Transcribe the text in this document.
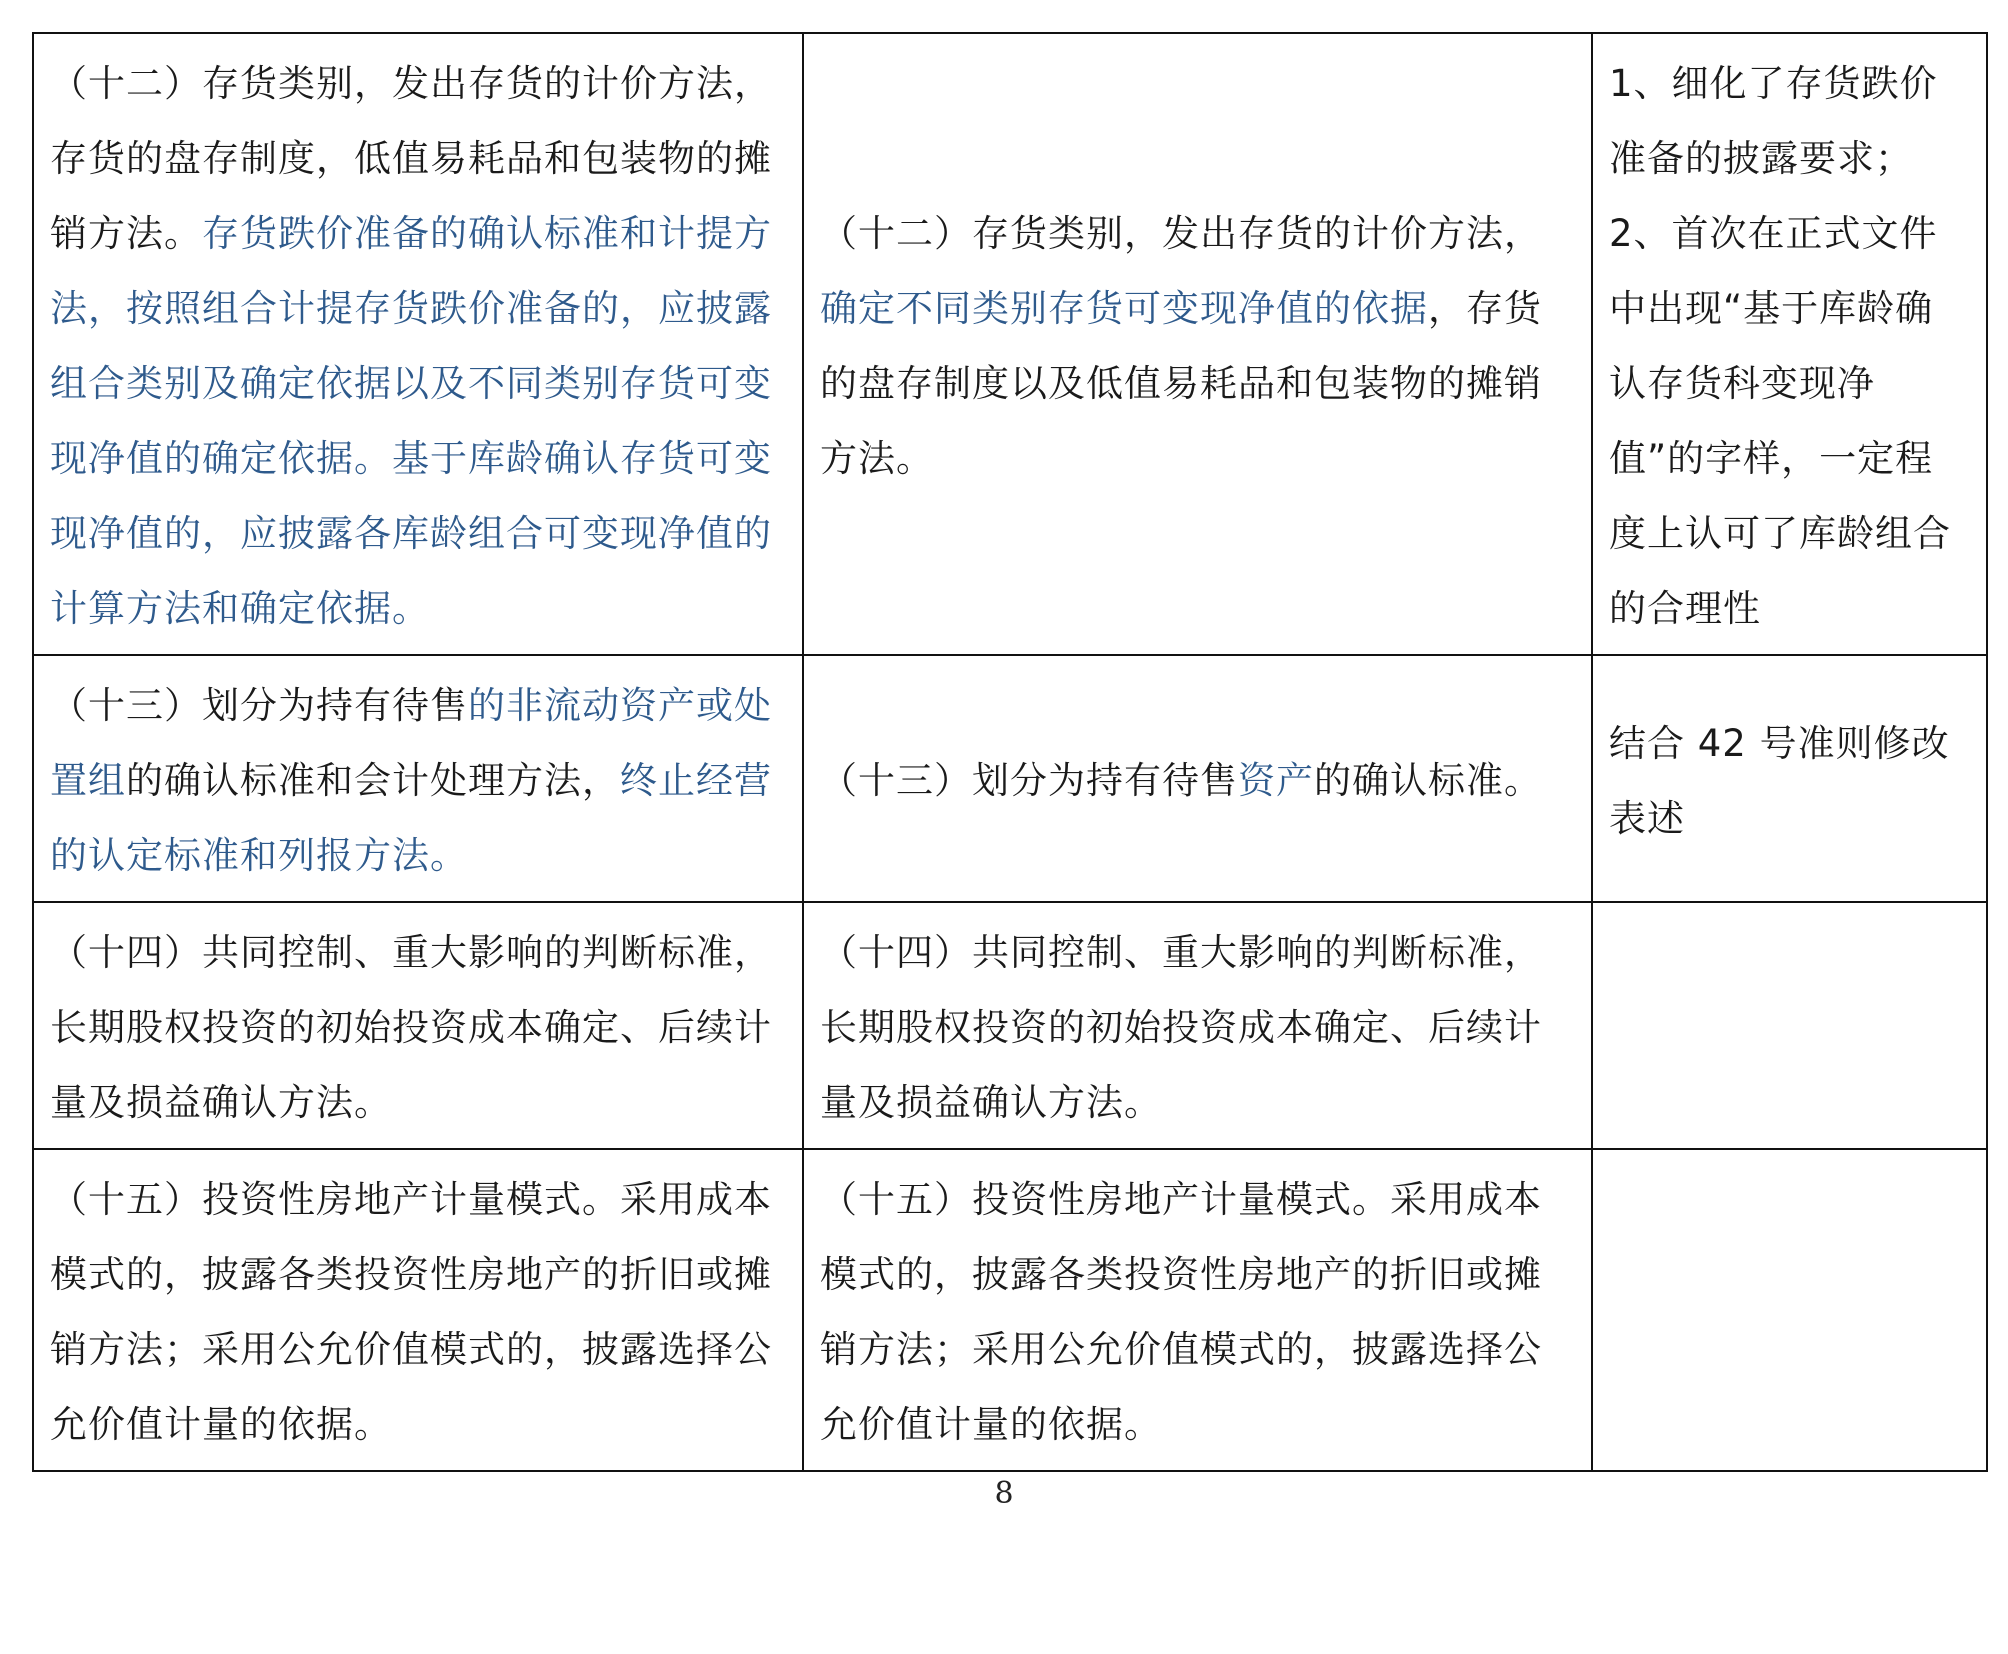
（十二）存货类别，发出存货的计价方法，存货的盘存制度，低值易耗品和包装物的摊销方法。存货跌价准备的确认标准和计提方法，按照组合计提存货跌价准备的，应披露组合类别及确定依据以及不同类别存货可变现净值的确定依据。基于库龄确认存货可变现净值的，应披露各库龄组合可变现净值的计算方法和确定依据。	（十二）存货类别，发出存货的计价方法，确定不同类别存货可变现净值的依据，存货的盘存制度以及低值易耗品和包装物的摊销方法。	1、细化了存货跌价准备的披露要求；2、首次在正式文件中出现“基于库龄确认存货科变现净值”的字样，一定程度上认可了库龄组合的合理性
（十三）划分为持有待售的非流动资产或处置组的确认标准和会计处理方法，终止经营的认定标准和列报方法。	（十三）划分为持有待售资产的确认标准。	结合 42 号准则修改表述
（十四）共同控制、重大影响的判断标准，长期股权投资的初始投资成本确定、后续计量及损益确认方法。	（十四）共同控制、重大影响的判断标准，长期股权投资的初始投资成本确定、后续计量及损益确认方法。	
（十五）投资性房地产计量模式。采用成本模式的，披露各类投资性房地产的折旧或摊销方法；采用公允价值模式的，披露选择公允价值计量的依据。	（十五）投资性房地产计量模式。采用成本模式的，披露各类投资性房地产的折旧或摊销方法；采用公允价值模式的，披露选择公允价值计量的依据。	
8
